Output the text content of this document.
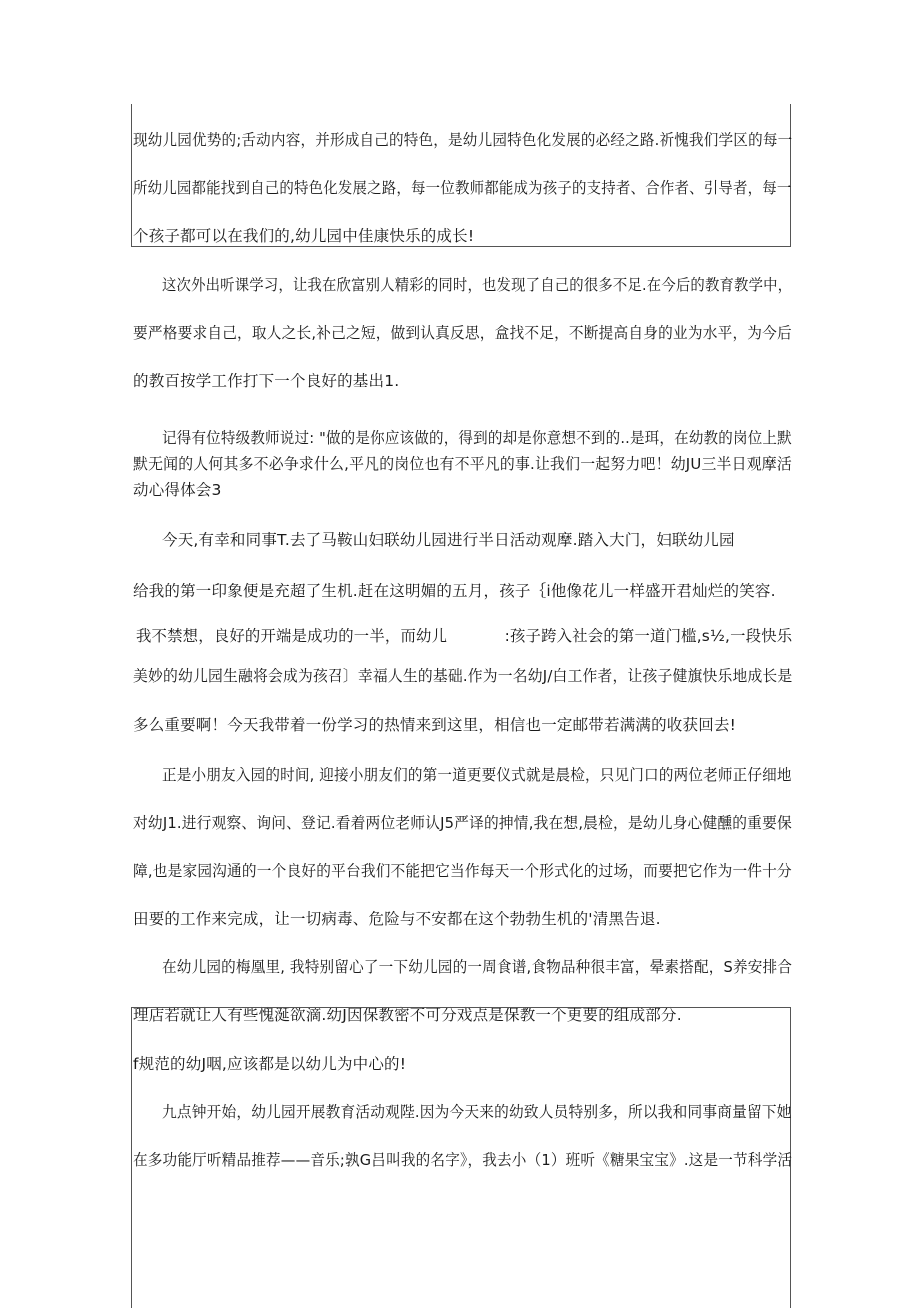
现幼儿园优势的;舌动内容，并形成自己的特色，是幼儿园特色化发展的必经之路.祈愧我们学区的每一

所幼儿园都能找到自己的特色化发展之路，每一位教师都能成为孩子的支持者、合作者、引导者，每一

个孩子都可以在我们的,幼儿园中佳康快乐的成长!

这次外出听课学习，让我在欣富别人精彩的同时，也发现了自己的很多不足.在今后的教育教学中，

要严格要求自己，取人之长,补己之短，做到认真反思，盒找不足，不断提高自身的业为水平，为今后

的教百按学工作打下一个良好的基出1.

记得有位特级教师说过: "做的是你应该做的，得到的却是你意想不到的..是珥，在幼教的岗位上默

默无闻的人何其多不必争求什么,平凡的岗位也有不平凡的事.让我们一起努力吧！幼JU三半日观摩活

动心得体会3

今天,有幸和同事T.去了马鞍山妇联幼儿园进行半日活动观摩.踏入大门，妇联幼儿园

给我的第一印象便是充超了生机.赶在这明媚的五月，孩子｛i他像花儿一样盛开君灿烂的笑容.

我不禁想，良好的开端是成功的一半，而幼儿	:孩子跨入社会的第一道门槛,s½,一段快乐

美妙的幼儿园生融将会成为孩召〕幸福人生的基础.作为一名幼J/白工作者，让孩子健旗快乐地成长是

多么重要啊！今天我带着一份学习的热情来到这里，相信也一定邮带若满满的收获回去!

正是小朋友入园的时间, 迎接小朋友们的第一道更要仪式就是晨检，只见门口的两位老师正仔细地

对幼J1.进行观察、询问、登记.看着两位老师认J5严译的抻情,我在想,晨检，是幼儿身心健醺的重要保

障,也是家园沟通的一个良好的平台我们不能把它当作每天一个形式化的过场，而要把它作为一件十分

田要的工作来完成，让一切病毒、危险与不安都在这个勃勃生机的'清黑告退.

在幼儿园的梅凰里, 我特别留心了一下幼儿园的一周食谱,食物品种很丰富，晕素搭配，S养安排合

理店若就让人有些愧涎欲滴.幼J因保教密不可分戏点是保教一个更要的组成部分.

f规范的幼J咽,应该都是以幼儿为中心的!

九点钟开始，幼儿园开展教育活动观陛.因为今天来的幼致人员特别多，所以我和同事商量留下她

在多功能厅听精品推荐——音乐;孰G吕叫我的名字》，我去小（1）班听《糖果宝宝》.这是一节科学活
